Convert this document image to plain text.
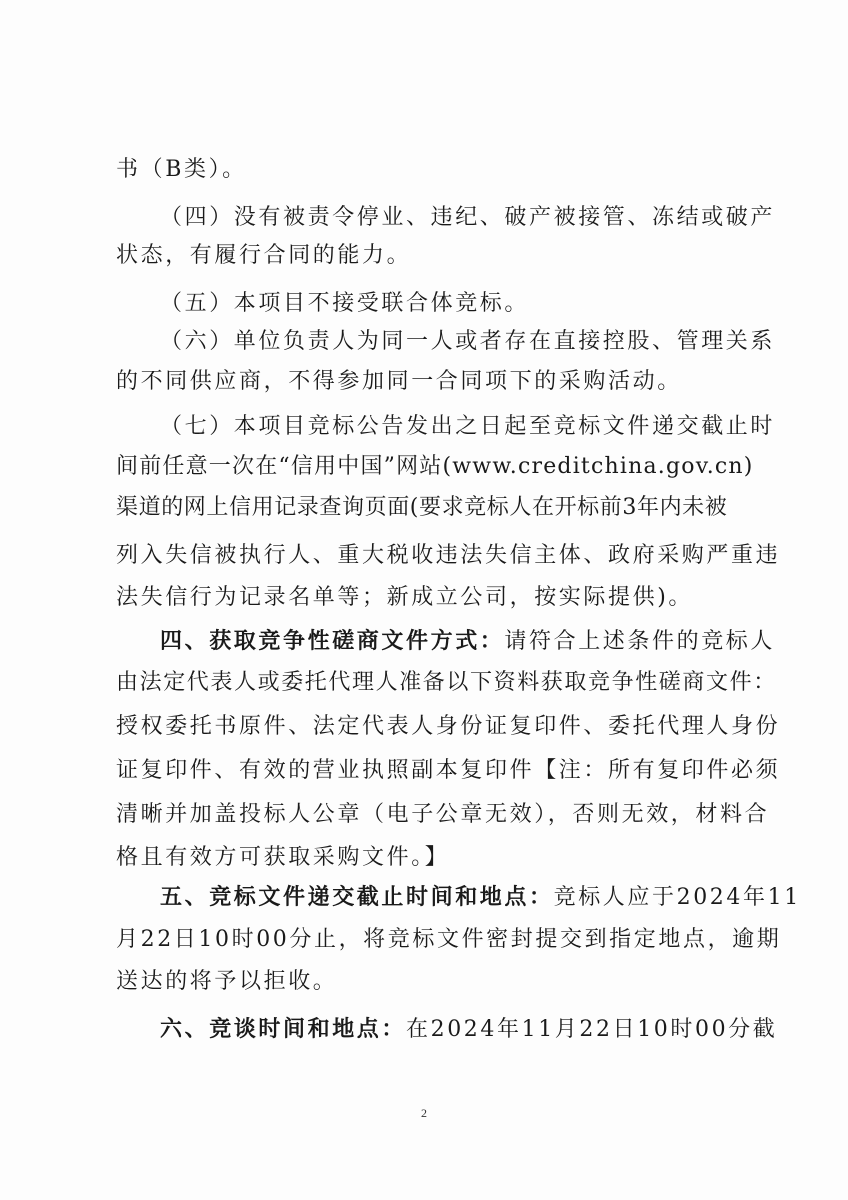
书（B类）。
（四）没有被责令停业、违纪、破产被接管、冻结或破产
状态，有履行合同的能力。
（五）本项目不接受联合体竞标。
（六）单位负责人为同一人或者存在直接控股、管理关系
的不同供应商，不得参加同一合同项下的采购活动。
（七）本项目竞标公告发出之日起至竞标文件递交截止时
间前任意一次在“信用中国”网站(www.creditchina.gov.cn)
渠道的网上信用记录查询页面(要求竞标人在开标前3年内未被
列入失信被执行人、重大税收违法失信主体、政府采购严重违
法失信行为记录名单等；新成立公司，按实际提供)。
四、获取竞争性磋商文件方式：请符合上述条件的竞标人
由法定代表人或委托代理人准备以下资料获取竞争性磋商文件：
授权委托书原件、法定代表人身份证复印件、委托代理人身份
证复印件、有效的营业执照副本复印件【注：所有复印件必须
清晰并加盖投标人公章（电子公章无效），否则无效，材料合
格且有效方可获取采购文件。】
五、竞标文件递交截止时间和地点：竞标人应于2024年11
月22日10时00分止，将竞标文件密封提交到指定地点，逾期
送达的将予以拒收。
六、竞谈时间和地点：在2024年11月22日10时00分截
2
